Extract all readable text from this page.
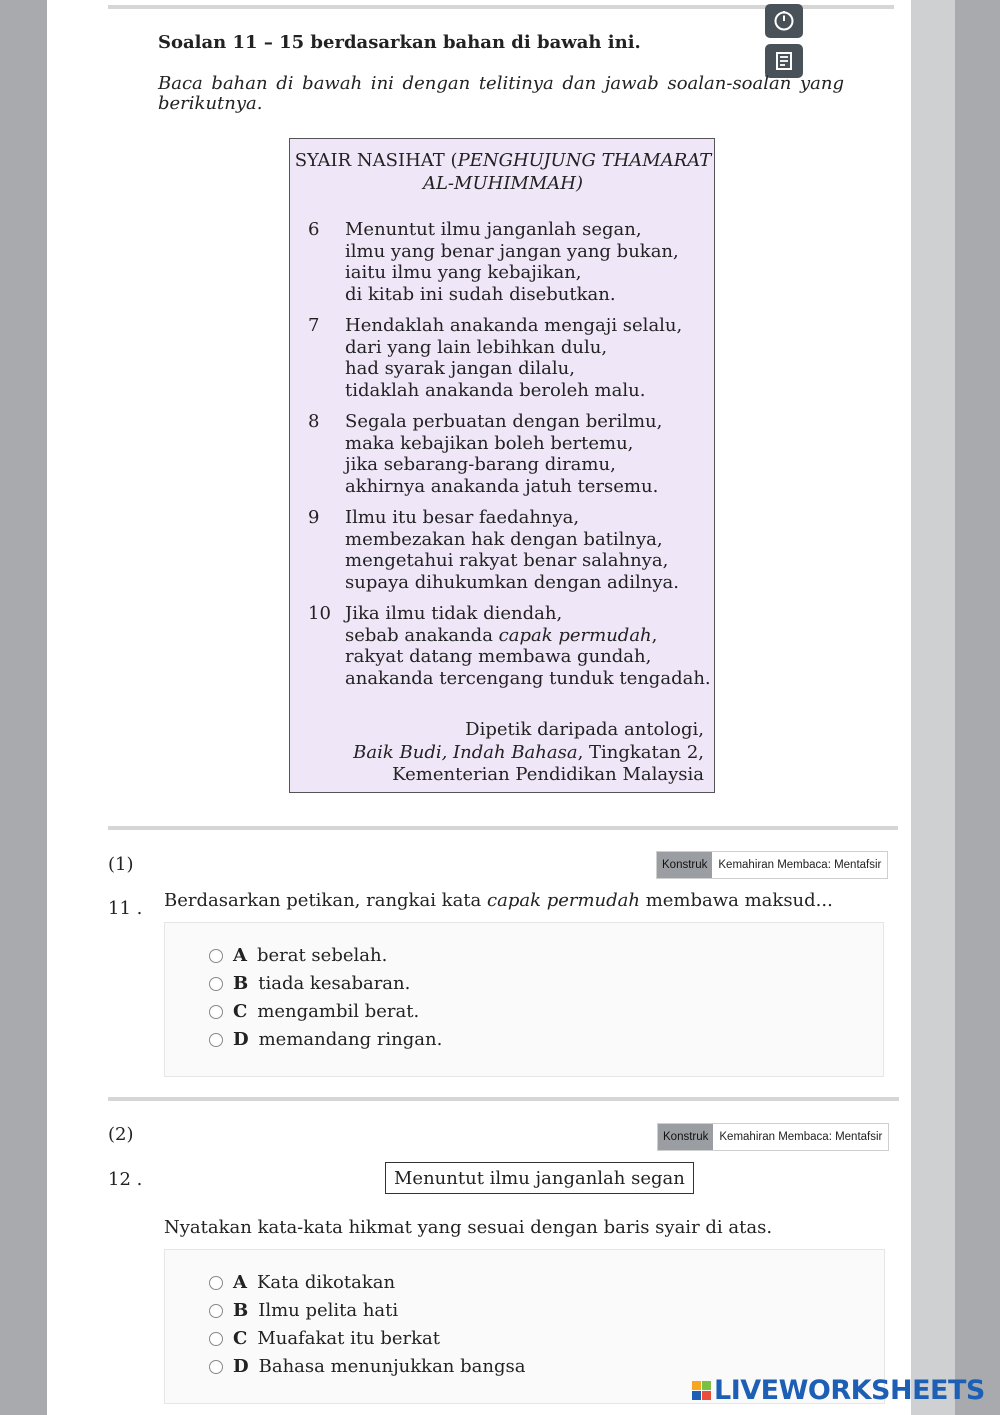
Soalan 11 – 15 berdasarkan bahan di bawah ini.
Baca bahan di bawah ini dengan telitinya dan jawab soalan-soalan yang berikutnya.
SYAIR NASIHAT (PENGHUJUNG THAMARAT
AL-MUHIMMAH)
6	Menuntut ilmu janganlah segan,
ilmu yang benar jangan yang bukan,
iaitu ilmu yang kebajikan,
di kitab ini sudah disebutkan.
7	Hendaklah anakanda mengaji selalu,
dari yang lain lebihkan dulu,
had syarak jangan dilalu,
tidaklah anakanda beroleh malu.
8	Segala perbuatan dengan berilmu,
maka kebajikan boleh bertemu,
jika sebarang-barang diramu,
akhirnya anakanda jatuh tersemu.
9	Ilmu itu besar faedahnya,
membezakan hak dengan batilnya,
mengetahui rakyat benar salahnya,
supaya dihukumkan dengan adilnya.
10 Jika ilmu tidak diendah,
sebab anakanda capak permudah,
rakyat datang membawa gundah,
anakanda tercengang tunduk tengadah.
Dipetik daripada antologi,
Baik Budi, Indah Bahasa, Tingkatan 2,
Kementerian Pendidikan Malaysia
(1)	Konstruk Kemahiran Membaca: Mentafsir
11 . Berdasarkan petikan, rangkai kata capak permudah membawa maksud...
A berat sebelah.
B tiada kesabaran.
C mengambil berat.
D memandang ringan.
(2)	Konstruk Kemahiran Membaca: Mentafsir
12 .	Menuntut ilmu janganlah segan
Nyatakan kata-kata hikmat yang sesuai dengan baris syair di atas.
A Kata dikotakan
B Ilmu pelita hati
C Muafakat itu berkat
D Bahasa menunjukkan bangsa
LIVEWORKSHEETS
